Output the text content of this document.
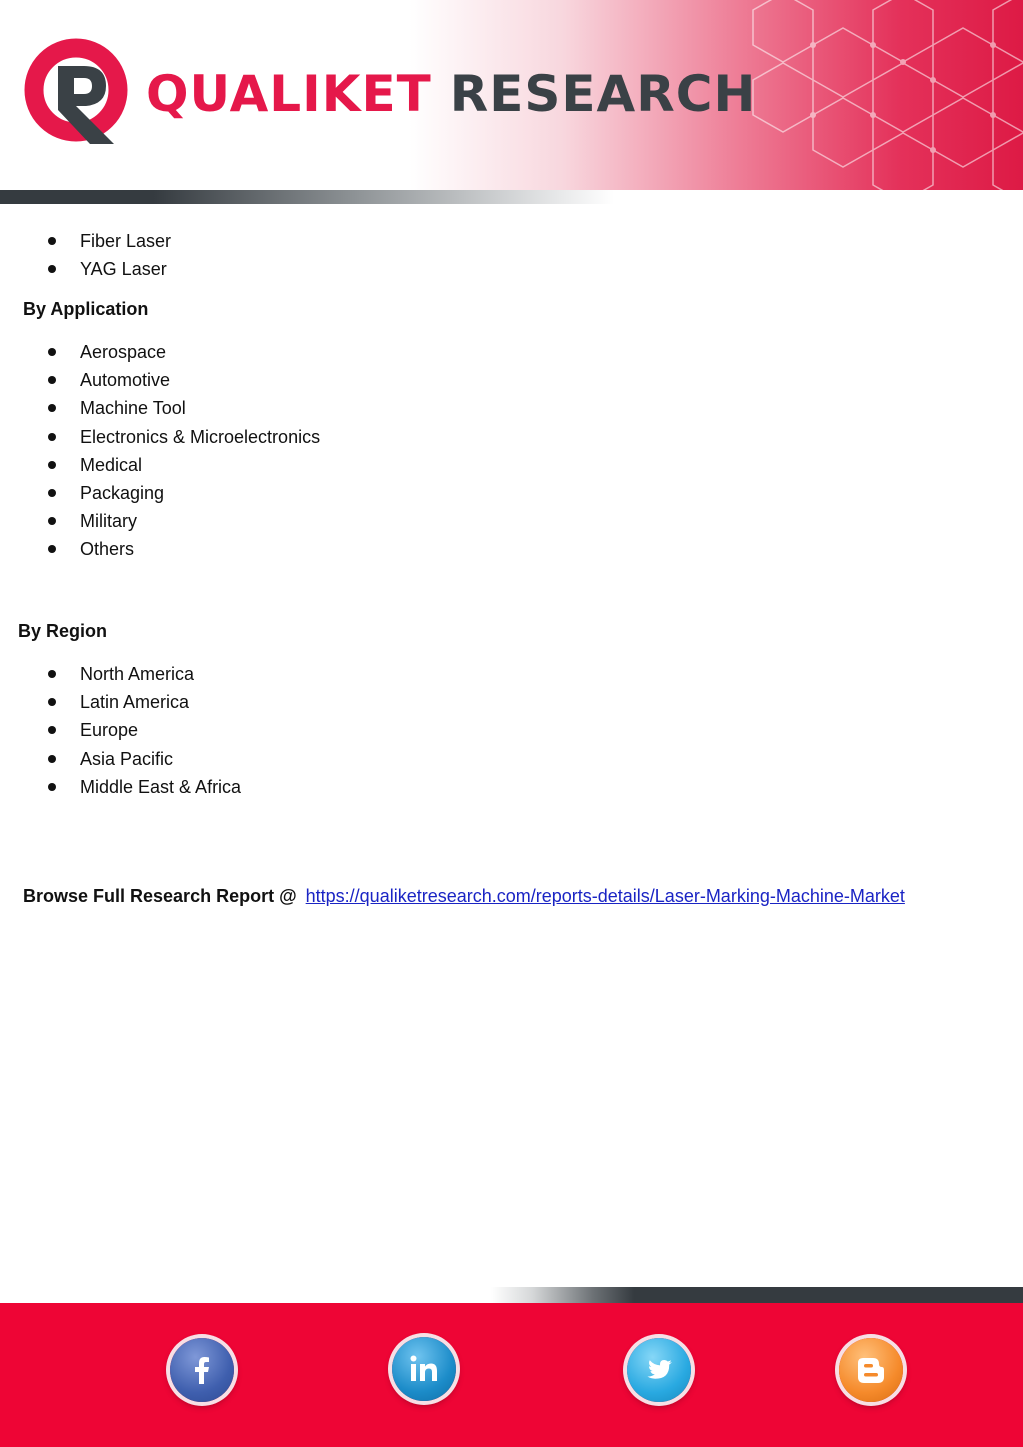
QUALIKET RESEARCH
Fiber Laser
YAG Laser
By Application
Aerospace
Automotive
Machine Tool
Electronics & Microelectronics
Medical
Packaging
Military
Others
By Region
North America
Latin America
Europe
Asia Pacific
Middle East & Africa
Browse Full Research Report @ https://qualiketresearch.com/reports-details/Laser-Marking-Machine-Market
